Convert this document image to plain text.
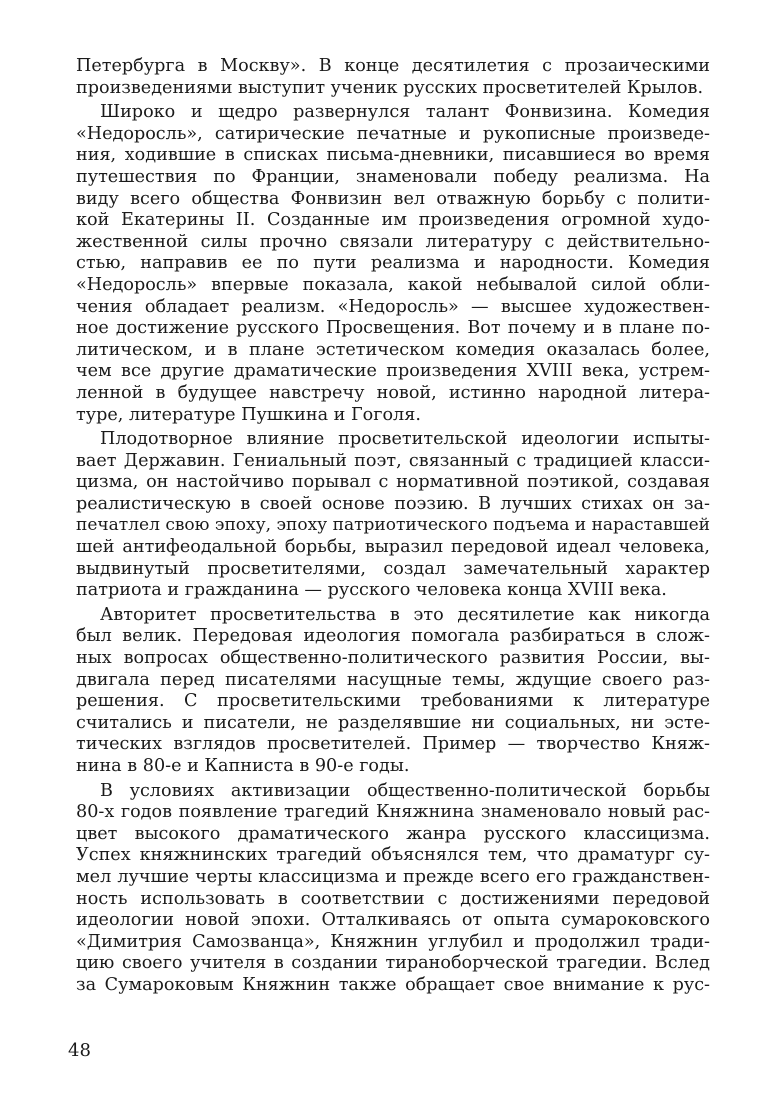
Петербурга в Москву». В конце десятилетия с прозаическими
произведениями выступит ученик русских просветителей Крылов.

Широко и щедро развернулся талант Фонвизина. Комедия
«Недоросль», сатирические печатные и рукописные произведе-
ния, ходившие в списках письма-дневники, писавшиеся во время
путешествия по Франции, знаменовали победу реализма. На
виду всего общества Фонвизин вел отважную борьбу с полити-
кой Екатерины II. Созданные им произведения огромной худо-
жественной силы прочно связали литературу с действительно-
стью, направив ее по пути реализма и народности. Комедия
«Недоросль» впервые показала, какой небывалой силой обли-
чения обладает реализм. «Недоросль» — высшее художествен-
ное достижение русского Просвещения. Вот почему и в плане по-
литическом, и в плане эстетическом комедия оказалась более,
чем все другие драматические произведения XVIII века, устрем-
ленной в будущее навстречу новой, истинно народной литера-
туре, литературе Пушкина и Гоголя.

Плодотворное влияние просветительской идеологии испыты-
вает Державин. Гениальный поэт, связанный с традицией класси-
цизма, он настойчиво порывал с нормативной поэтикой, создавая
реалистическую в своей основе поэзию. В лучших стихах он за-
печатлел свою эпоху, эпоху патриотического подъема и нараставшей
шей антифеодальной борьбы, выразил передовой идеал человека,
выдвинутый просветителями, создал замечательный характер
патриота и гражданина — русского человека конца XVIII века.

Авторитет просветительства в это десятилетие как никогда
был велик. Передовая идеология помогала разбираться в слож-
ных вопросах общественно-политического развития России, вы-
двигала перед писателями насущные темы, ждущие своего раз-
решения. С просветительскими требованиями к литературе
считались и писатели, не разделявшие ни социальных, ни эсте-
тических взглядов просветителей. Пример — творчество Княж-
нина в 80-е и Капниста в 90-е годы.

В условиях активизации общественно-политической борьбы
80-х годов появление трагедий Княжнина знаменовало новый рас-
цвет высокого драматического жанра русского классицизма.
Успех княжнинских трагедий объяснялся тем, что драматург су-
мел лучшие черты классицизма и прежде всего его гражданствен-
ность использовать в соответствии с достижениями передовой
идеологии новой эпохи. Отталкиваясь от опыта сумароковского
«Димитрия Самозванца», Княжнин углубил и продолжил тради-
цию своего учителя в создании тираноборческой трагедии. Вслед
за Сумароковым Княжнин также обращает свое внимание к рус-

48
